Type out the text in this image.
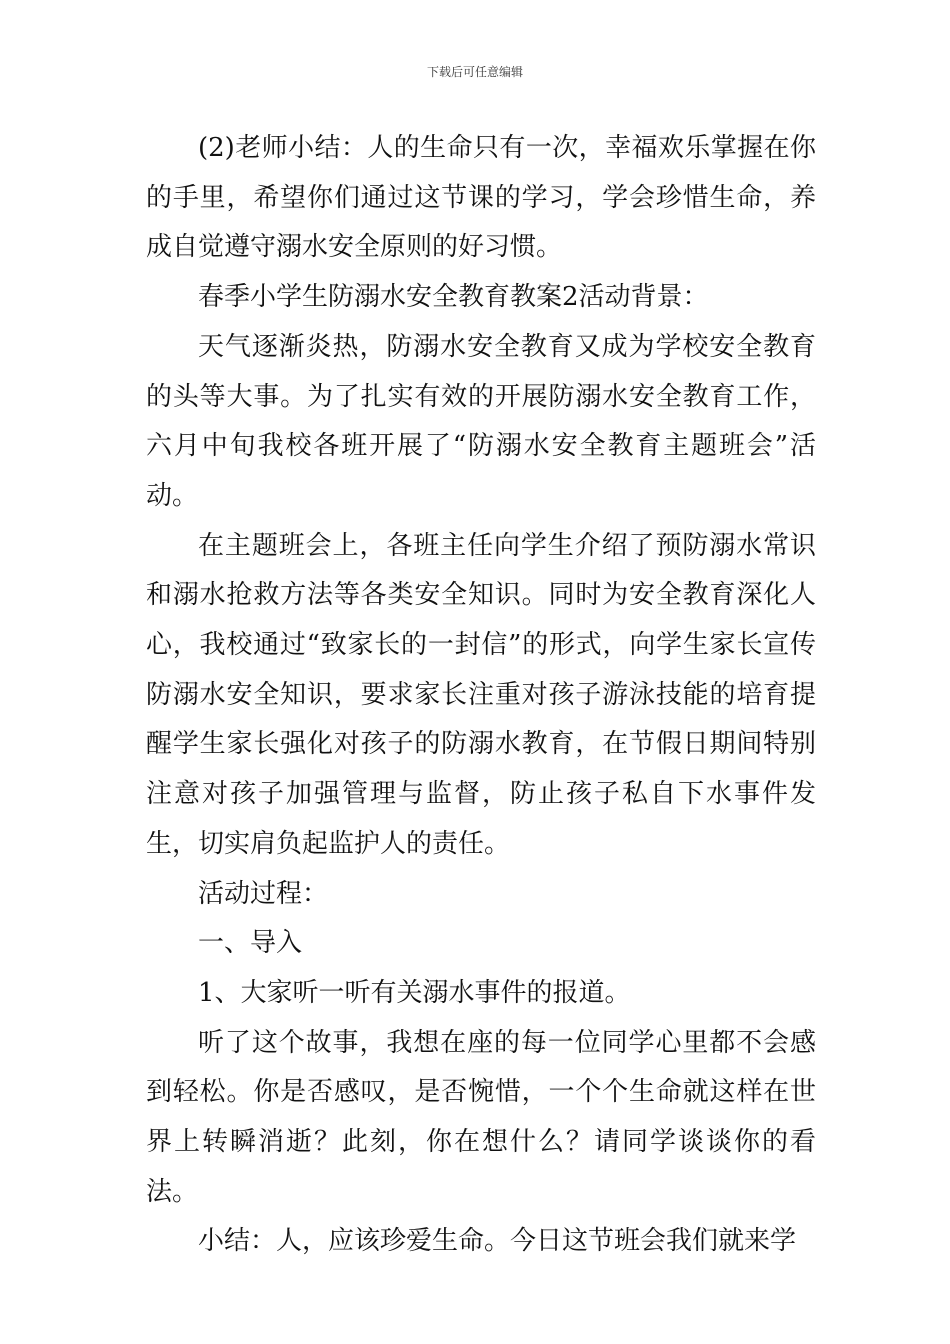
下载后可任意编辑

(2)老师小结：人的生命只有一次，幸福欢乐掌握在你的手里，希望你们通过这节课的学习，学会珍惜生命，养成自觉遵守溺水安全原则的好习惯。

春季小学生防溺水安全教育教案2活动背景：

天气逐渐炎热，防溺水安全教育又成为学校安全教育的头等大事。为了扎实有效的开展防溺水安全教育工作，六月中旬我校各班开展了“防溺水安全教育主题班会”活动。

在主题班会上，各班主任向学生介绍了预防溺水常识和溺水抢救方法等各类安全知识。同时为安全教育深化人心，我校通过“致家长的一封信”的形式，向学生家长宣传防溺水安全知识，要求家长注重对孩子游泳技能的培育提醒学生家长强化对孩子的防溺水教育，在节假日期间特别注意对孩子加强管理与监督，防止孩子私自下水事件发生，切实肩负起监护人的责任。

活动过程：

一、导入

1、大家听一听有关溺水事件的报道。

听了这个故事，我想在座的每一位同学心里都不会感到轻松。你是否感叹，是否惋惜，一个个生命就这样在世界上转瞬消逝？此刻，你在想什么？请同学谈谈你的看法。

小结：人，应该珍爱生命。今日这节班会我们就来学
